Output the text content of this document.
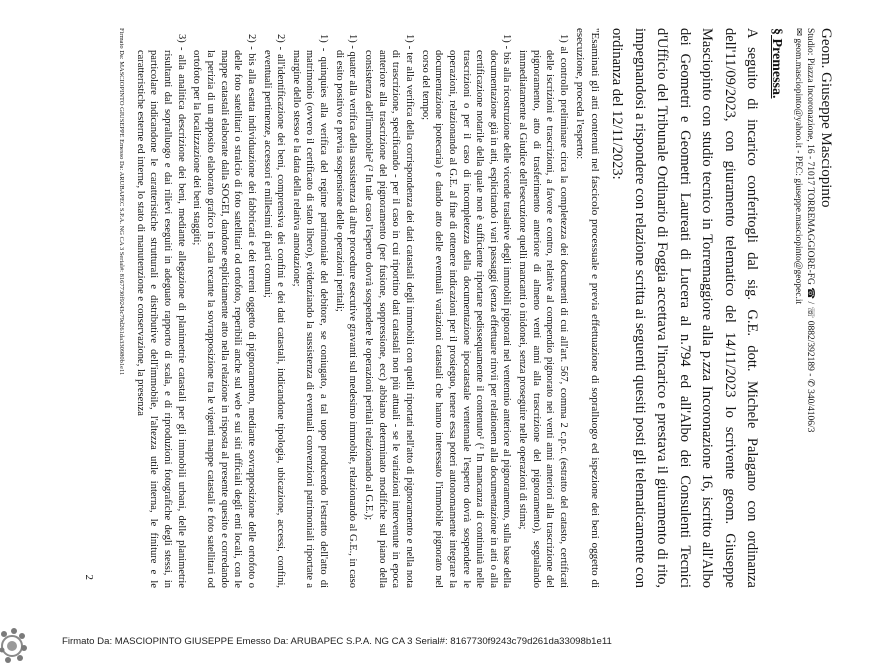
Geom. Giuseppe Masciopinto

Studio: Piazza Incoronazione, 16 - 71017 TORREMAGGIORE-FG ☎ / ☏ 0882/392189 - ✆ 340/4106/3

✉ geom.masciopinto@yahoo.it - PEC: giuseppe.masciopinto@geopec.it

§ Premessa.

A seguito di incarico conferitogli dal sig. G.E. dott. Michele Palagano con ordinanza dell'11/09/2023, con giuramento telematico del 14/11/2023 lo scrivente geom. Giuseppe Masciopinto con studio tecnico in Torremaggiore alla p.zza Incoronazione 16, iscritto all'Albo dei Geometri e Geometri Laureati di Lucera al n.794 ed all'Albo dei Consulenti Tecnici d'Ufficio del Tribunale Ordinario di Foggia accettava l'incarico e prestava il giuramento di rito, impegnandosi a rispondere con relazione scritta ai seguenti quesiti posti gli telematicamente con ordinanza del 12/11/2023:

"Esaminati gli atti contenuti nel fascicolo processuale e previa effettuazione di sopralluogo ed ispezione dei beni oggetto di esecuzione, proceda l'esperto:

1) al controllo preliminare circa la completezza dei documenti di cui all'art. 567, comma 2 c.p.c. (estratto del catasto, certificati delle iscrizioni e trascrizioni, a favore e contro, relative al compendio pignorato nei venti anni anteriori alla trascrizione del pignoramento, atto di trasferimento anteriore di almeno venti anni alla trascrizione del pignoramento), segnalando immediatamente al Giudice dell'esecuzione quelli mancanti o inidonei, senza proseguire nelle operazioni di stima;

1) - bis alla ricostruzione delle vicende traslative degli immobili pignorati nel ventennio anteriore al pignoramento, sulla base della documentazione già in atti, esplicitando i vari passaggi (senza effettuare rinvii per relationem alla documentazione in atti o alla certificazione notarile della quale non è sufficiente riportare pedissequamente il contenuto¹ (¹ In mancanza di continuità nelle trascrizioni o per il caso di incompletezza della documentazione ipocatastale ventennale l'esperto dovrà sospendere le operazioni, relazionando al G.E. al fine di ottenere indicazioni per il prosieguo, tenere essa poteri autonomamente integrare la documentazione ipotecaria) e dando atto delle eventuali variazioni catastali che hanno interessato l'immobile pignorato nel corso del tempo;

1) - ter alla verifica della corrispondenza dei dati catastali degli immobili con quelli riportati nell'atto di pignoramento e nella nota di trascrizione, specificando - per il caso in cui riportino dati catastali non più attuali - se le variazioni intervenute in epoca anteriore alla trascrizione del pignoramento (per fusione, soppressione, ecc) abbiano determinato modifiche sul piano della consistenza dell'immobile² (² In tale caso l'esperto dovrà sospendere le operazioni peritali relazionando al G.E.);

1) - quater alla verifica della sussistenza di altre procedure esecutive gravanti sul medesimo immobile, relazionando al G.E., in caso di esito positivo e previa sospensione delle operazioni peritali;

1) - quinquies alla verifica del regime patrimoniale del debitore, se coniugato, a tal uopo producendo l'estratto dell'atto di matrimonio (ovvero il certificato di stato libero), evidenziando la sussistenza di eventuali convenzioni patrimoniali riportate a margine dello stesso e la data della relativa annotazione;

2) - all'identificazione dei beni, comprensiva dei confini e dei dati catastali, indicandone tipologia, ubicazione, accessi, confini, eventuali pertinenze, accessori e millesimi di parti comuni;

2) - bis alla esatta individuazione dei fabbricati e dei terreni oggetto di pignoramento, mediante sovrapposizione delle ortofoto o delle foto satellitari o stralcio di foto satellitari od ortofoto, reperibili anche sul web e sui siti ufficiali degli enti locali, con le mappe catastali elaborate dalla SOGEI, dandone esplicitamente atto nella relazione in risposta al presente quesito e corredando la perizia di un apposito elaborato grafico in scala recante la sovrapposizione tra le vigenti mappe catastali e foto satellitari od ortofoto per la localizzazione dei beni staggiti;

3) - alla analitica descrizione dei beni, mediante allegazione di planimetrie catastali per gli immobili urbani, delle planimetrie risultanti dal sopralluogo e dai rilievi eseguiti in adeguato rapporto di scala, e di riproduzioni fotografiche degli stessi, in particolare indicandone le caratteristiche strutturali e distributive dell'immobile, l'altezza utile interna, le finiture e le caratteristiche esterne ed interne, lo stato di manutenzione e conservazione, la presenza

Firmato Da: MASCIOPINTO GIUSEPPE Emesso Da: ARUBAPEC S.P.A. NG CA 3 Serial#: 8167730f9243c79d261da330980b1e11

2
Firmato Da: MASCIOPINTO GIUSEPPE Emesso Da: ARUBAPEC S.P.A. NG CA 3 Serial#: 8167730f9243c79d261da33098b1e11
